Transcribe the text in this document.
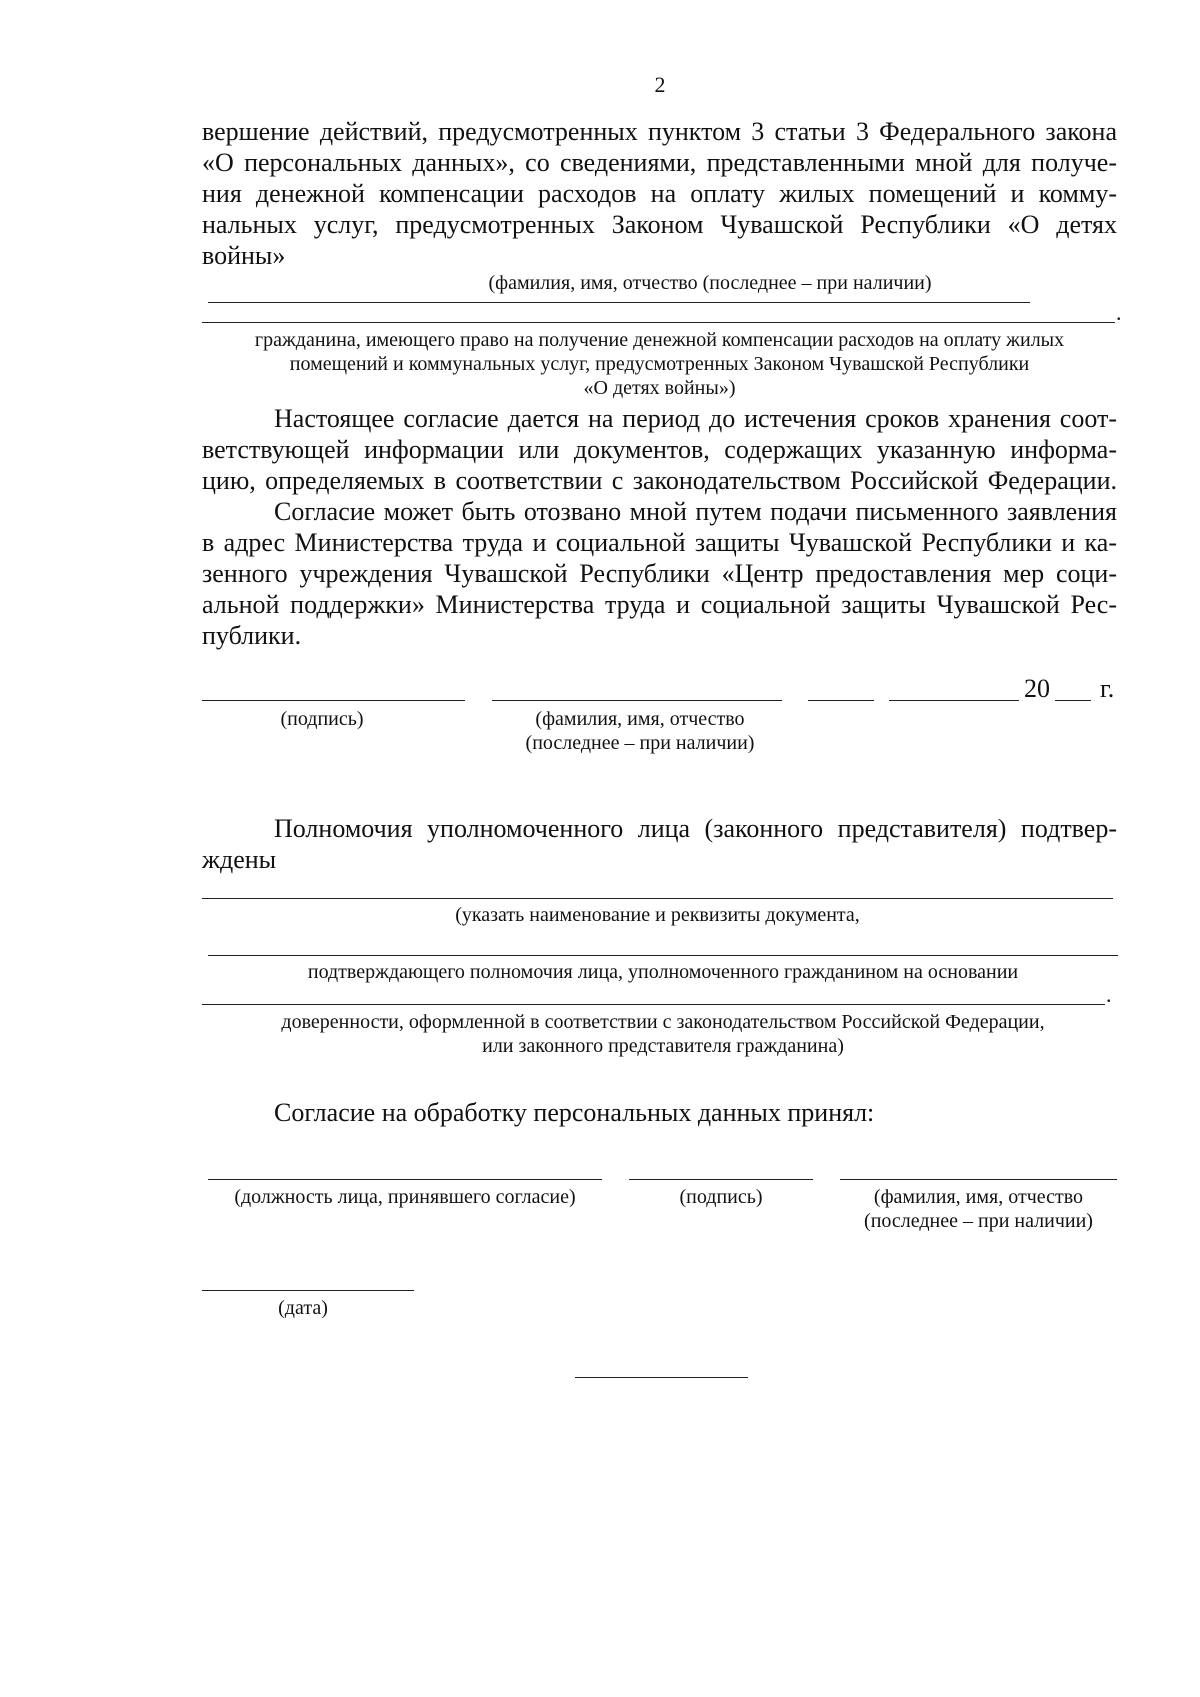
2
вершение действий, предусмотренных пунктом 3 статьи 3 Федерального закона
«О персональных данных», со сведениями, представленными мной для получе-
ния денежной компенсации расходов на оплату жилых помещений и комму-
нальных услуг, предусмотренных Законом Чувашской Республики «О детях
войны»
(фамилия, имя, отчество (последнее – при наличии)
.
гражданина, имеющего право на получение денежной компенсации расходов на оплату жилых
помещений и коммунальных услуг, предусмотренных Законом Чувашской Республики
«О детях войны»)
Настоящее согласие дается на период до истечения сроков хранения соот-
ветствующей информации или документов, содержащих указанную информа-
цию, определяемых в соответствии с законодательством Российской Федерации.
Согласие может быть отозвано мной путем подачи письменного заявления
в адрес Министерства труда и социальной защиты Чувашской Республики и ка-
зенного учреждения Чувашской Республики «Центр предоставления мер соци-
альной поддержки» Министерства труда и социальной защиты Чувашской Рес-
публики.
20 г.
(подпись)	(фамилия, имя, отчество
(последнее – при наличии)
Полномочия уполномоченного лица (законного представителя) подтвер-
ждены
(указать наименование и реквизиты документа,
подтверждающего полномочия лица, уполномоченного гражданином на основании
.
доверенности, оформленной в соответствии с законодательством Российской Федерации,
или законного представителя гражданина)
Согласие на обработку персональных данных принял:
(должность лица, принявшего согласие)	(подпись)	(фамилия, имя, отчество
(последнее – при наличии)
(дата)
